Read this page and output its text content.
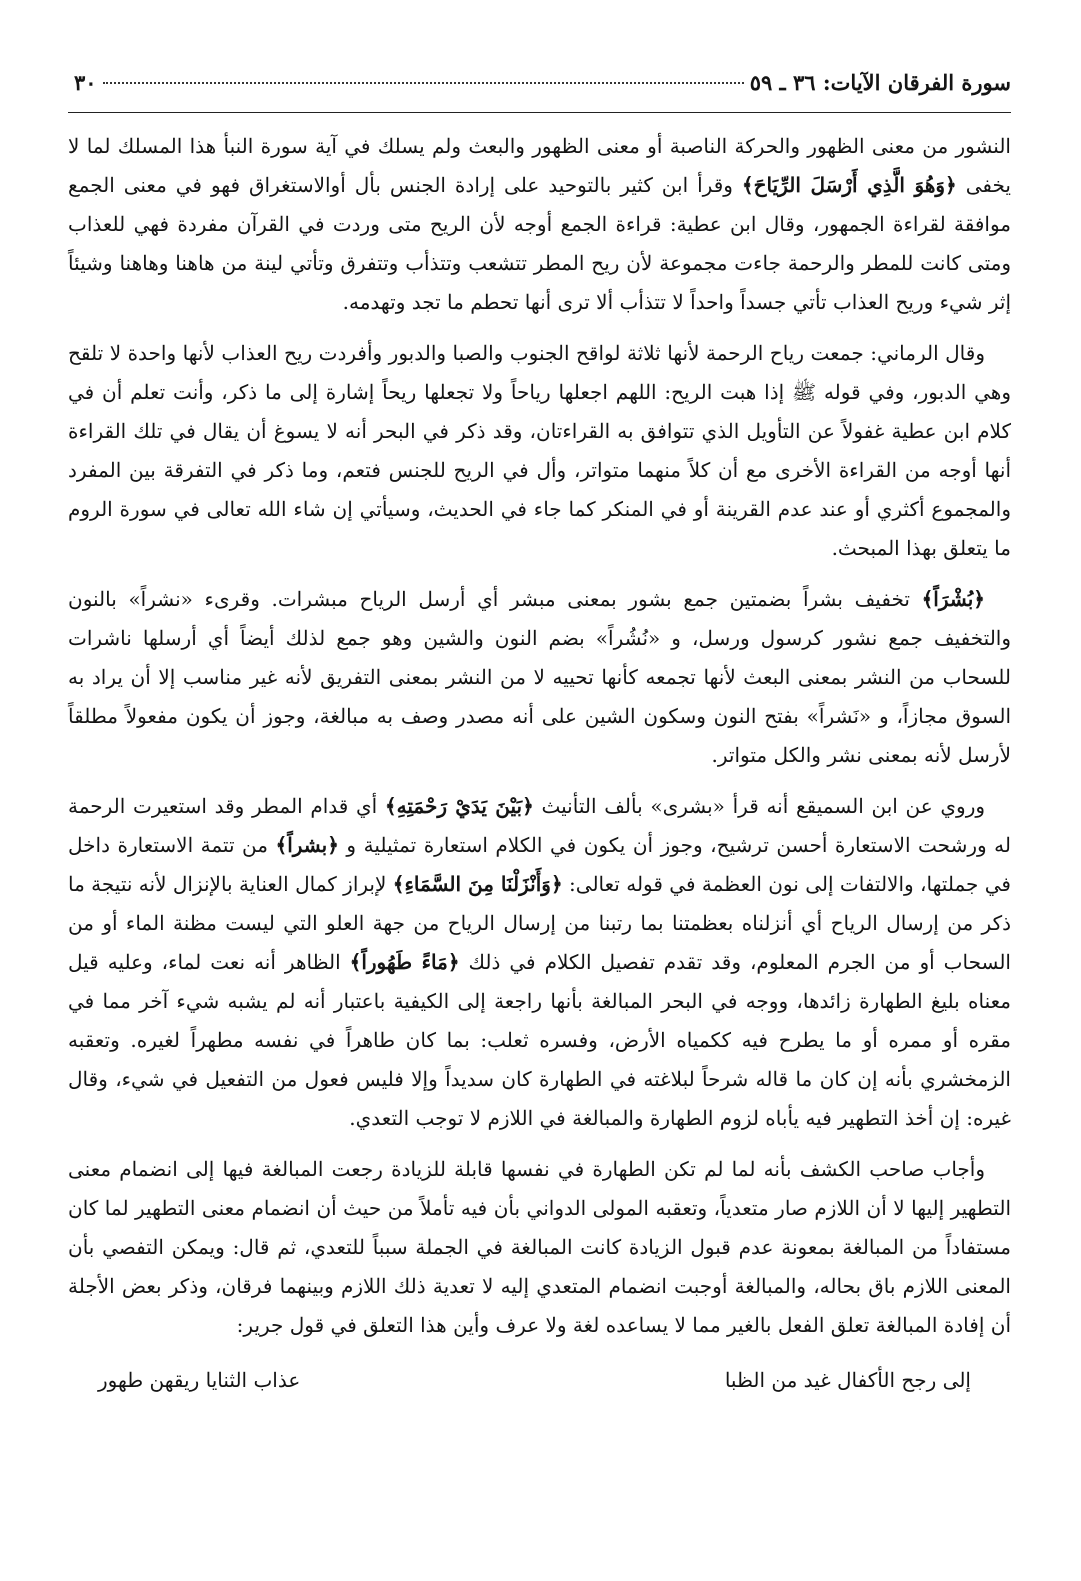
سورة الفرقان الآيات: ٣٦ ـ ٥٩
٣٠

النشور من معنى الظهور والحركة الناصبة أو معنى الظهور والبعث ولم يسلك في آية سورة النبأ هذا المسلك لما لا يخفى ﴿وَهُوَ الَّذِي أَرْسَلَ الرِّيَاحَ﴾ وقرأ ابن كثير بالتوحيد على إرادة الجنس بأل أوالاستغراق فهو في معنى الجمع موافقة لقراءة الجمهور، وقال ابن عطية: قراءة الجمع أوجه لأن الريح متى وردت في القرآن مفردة فهي للعذاب ومتى كانت للمطر والرحمة جاءت مجموعة لأن ريح المطر تتشعب وتتذأب وتتفرق وتأتي لينة من هاهنا وهاهنا وشيئاً إثر شيء وريح العذاب تأتي جسداً واحداً لا تتذأب ألا ترى أنها تحطم ما تجد وتهدمه.

وقال الرماني: جمعت رياح الرحمة لأنها ثلاثة لواقح الجنوب والصبا والدبور وأفردت ريح العذاب لأنها واحدة لا تلقح وهي الدبور، وفي قوله ﷺ إذا هبت الريح: اللهم اجعلها رياحاً ولا تجعلها ريحاً إشارة إلى ما ذكر، وأنت تعلم أن في كلام ابن عطية غفولاً عن التأويل الذي تتوافق به القراءتان، وقد ذكر في البحر أنه لا يسوغ أن يقال في تلك القراءة أنها أوجه من القراءة الأخرى مع أن كلاً منهما متواتر، وأل في الريح للجنس فتعم، وما ذكر في التفرقة بين المفرد والمجموع أكثري أو عند عدم القرينة أو في المنكر كما جاء في الحديث، وسيأتي إن شاء الله تعالى في سورة الروم ما يتعلق بهذا المبحث.

﴿بُشْرَاً﴾ تخفيف بشراً بضمتين جمع بشور بمعنى مبشر أي أرسل الرياح مبشرات. وقرىء «نشراً» بالنون والتخفيف جمع نشور كرسول ورسل، و «نُشُراً» بضم النون والشين وهو جمع لذلك أيضاً أي أرسلها ناشرات للسحاب من النشر بمعنى البعث لأنها تجمعه كأنها تحييه لا من النشر بمعنى التفريق لأنه غير مناسب إلا أن يراد به السوق مجازاً، و «نَشراً» بفتح النون وسكون الشين على أنه مصدر وصف به مبالغة، وجوز أن يكون مفعولاً مطلقاً لأرسل لأنه بمعنى نشر والكل متواتر.

وروي عن ابن السميقع أنه قرأ «بشرى» بألف التأنيث ﴿بَيْنَ يَدَيْ رَحْمَتِهِ﴾ أي قدام المطر وقد استعيرت الرحمة له ورشحت الاستعارة أحسن ترشيح، وجوز أن يكون في الكلام استعارة تمثيلية و ﴿بشراً﴾ من تتمة الاستعارة داخل في جملتها، والالتفات إلى نون العظمة في قوله تعالى: ﴿وَأَنْزَلْنَا مِنَ السَّمَاءِ﴾ لإبراز كمال العناية بالإنزال لأنه نتيجة ما ذكر من إرسال الرياح أي أنزلناه بعظمتنا بما رتبنا من إرسال الرياح من جهة العلو التي ليست مظنة الماء أو من السحاب أو من الجرم المعلوم، وقد تقدم تفصيل الكلام في ذلك ﴿مَاءً طَهُوراً﴾ الظاهر أنه نعت لماء، وعليه قيل معناه بليغ الطهارة زائدها، ووجه في البحر المبالغة بأنها راجعة إلى الكيفية باعتبار أنه لم يشبه شيء آخر مما في مقره أو ممره أو ما يطرح فيه ككمياه الأرض، وفسره ثعلب: بما كان طاهراً في نفسه مطهراً لغيره. وتعقبه الزمخشري بأنه إن كان ما قاله شرحاً لبلاغته في الطهارة كان سديداً وإلا فليس فعول من التفعيل في شيء، وقال غيره: إن أخذ التطهير فيه يأباه لزوم الطهارة والمبالغة في اللازم لا توجب التعدي.

وأجاب صاحب الكشف بأنه لما لم تكن الطهارة في نفسها قابلة للزيادة رجعت المبالغة فيها إلى انضمام معنى التطهير إليها لا أن اللازم صار متعدياً، وتعقبه المولى الدواني بأن فيه تأملاً من حيث أن انضمام معنى التطهير لما كان مستفاداً من المبالغة بمعونة عدم قبول الزيادة كانت المبالغة في الجملة سبباً للتعدي، ثم قال: ويمكن التفصي بأن المعنى اللازم باق بحاله، والمبالغة أوجبت انضمام المتعدي إليه لا تعدية ذلك اللازم وبينهما فرقان، وذكر بعض الأجلة أن إفادة المبالغة تعلق الفعل بالغير مما لا يساعده لغة ولا عرف وأين هذا التعلق في قول جرير:

إلى رجح الأكفال غيد من الظبا
عذاب الثنايا ريقهن طهور
